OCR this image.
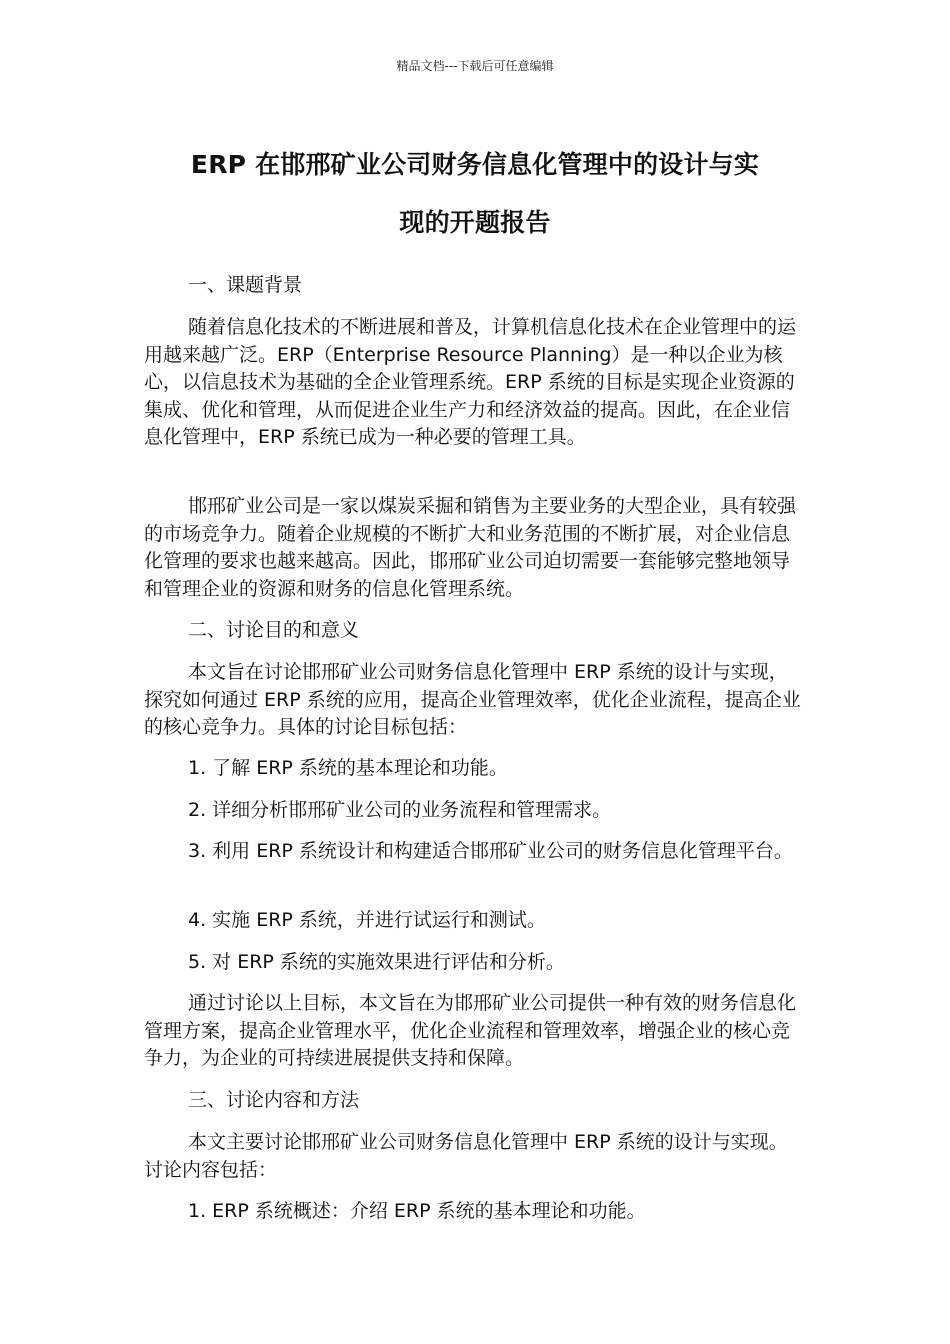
精品文档---下载后可任意编辑
ERP 在邯邢矿业公司财务信息化管理中的设计与实
现的开题报告

一、课题背景

随着信息化技术的不断进展和普及，计算机信息化技术在企业管理中的运用越来越广泛。ERP（Enterprise Resource Planning）是一种以企业为核心，以信息技术为基础的全企业管理系统。ERP 系统的目标是实现企业资源的集成、优化和管理，从而促进企业生产力和经济效益的提高。因此，在企业信息化管理中，ERP 系统已成为一种必要的管理工具。

邯邢矿业公司是一家以煤炭采掘和销售为主要业务的大型企业，具有较强的市场竞争力。随着企业规模的不断扩大和业务范围的不断扩展，对企业信息化管理的要求也越来越高。因此，邯邢矿业公司迫切需要一套能够完整地领导和管理企业的资源和财务的信息化管理系统。

二、讨论目的和意义

本文旨在讨论邯邢矿业公司财务信息化管理中 ERP 系统的设计与实现，探究如何通过 ERP 系统的应用，提高企业管理效率，优化企业流程，提高企业的核心竞争力。具体的讨论目标包括：

1. 了解 ERP 系统的基本理论和功能。

2. 详细分析邯邢矿业公司的业务流程和管理需求。

3. 利用 ERP 系统设计和构建适合邯邢矿业公司的财务信息化管理平台。

4. 实施 ERP 系统，并进行试运行和测试。

5. 对 ERP 系统的实施效果进行评估和分析。

通过讨论以上目标，本文旨在为邯邢矿业公司提供一种有效的财务信息化管理方案，提高企业管理水平，优化企业流程和管理效率，增强企业的核心竞争力，为企业的可持续进展提供支持和保障。

三、讨论内容和方法

本文主要讨论邯邢矿业公司财务信息化管理中 ERP 系统的设计与实现。讨论内容包括：

1. ERP 系统概述：介绍 ERP 系统的基本理论和功能。
